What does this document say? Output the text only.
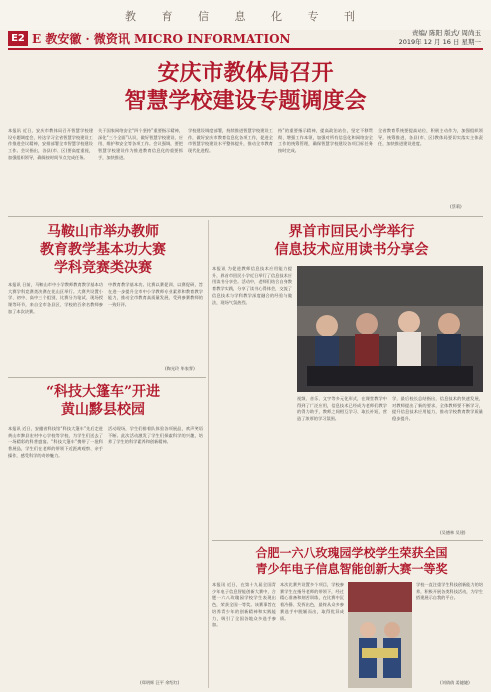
教 育 信 息 化 专 刊
E2 E 教安徽 · 微资讯 MICRO INFORMATION	责编/ 陈阳 版式/ 周尚玉
2019年 12 月 16 日 星期一
安庆市教体局召开
智慧学校建设专题调度会
本报讯 近日，安庆市教体局召开智慧学校建设专题调度会，传达学习全省智慧学校建设工作推进会议精神，安排部署全市智慧学校建设工作。会议指出，各县(市、区)要高度重视，加强组织领导，确保按时间节点完成任务。
关于国家网络安全“四个坚持”重要指示精神，深化“三个全面”认识，做好智慧学校建设、应用、维护和安全等各项工作。会议强调，要把智慧学校建设作为推进教育信息化的重要抓手，加快推进。
学校建设调度部署，持续推进智慧学校建设工作，做好安庆市教育信息化各项工作，促进全市智慧学校建设水平整体提升，推动全市教育现代化进程。
持”的重要指示精神，提高政治站位，坚定不移贯彻、增强工作本领，加强对所有信息化和网络安全工作的统筹管理，确保智慧学校建设各项目标任务按时完成。
全省教育系统要提高站位，积极主动作为，加强组织领导，统筹推进，各县(市、区)教体局要切实落实主体责任，加快推进建设进度。
(蔡莉)
马鞍山市举办教师
教育教学基本功大赛
学科竞赛类决赛
本报讯 日前，马鞍山市中小学教师教育教学基本功大赛学科竞赛类决赛在花山区举行。大赛共设置小学、初中、高中三个组别，比赛分为笔试、现场授课等环节，来自全市各县区、学校的百余名教师参加了本次决赛。
中教育教学基本功。比赛以赛促训、以赛促研，旨在进一步提升全市中小学教师专业素养和教育教学能力，推动全市教育高质量发展，受到参赛教师的一致好评。
(陶光玲 毕家霁)
“科技大篷车”开进
黄山黟县校园
本报讯 近日，安徽省科技馆“科技大篷车”先后走进黄山市黟县宏村中心学校等学校，为学生们送去了一场精彩的科普盛宴。“科技大篷车”携带了一批科普展品，学生们在老师的带领下近距离观察、亲手操作，感受科学的奇妙魅力。
活动现场，学生们排着队体验各项展品，欢声笑语不断。此次活动激发了学生们探索科学的兴趣，培养了学生的科学素养和创新精神。
(郑明辉 汪平 余绍红)
界首市回民小学举行
信息技术应用读书分享会
本报讯 为促进教师信息技术应用能力提升，界首市回民小学近日举行了信息技术应用读书分享会。活动中，老师们结合自身教育教学实践，分享了读书心得体会，交流了信息技术与学科教学深度融合的经验与做法，现场气氛热烈。
视频、音乐、文字等多元化形式，在课堂教学中得到了广泛应用，信息技术已经成为老师们教学的得力助手，教师之间相互学习、取长补短，营造了浓厚的学习氛围。
学，最后校长总结指出，信息技术的快速发展，对教师提出了新的要求，全体教师要不断学习，提升信息技术应用能力，推动学校教育教学质量稳步提升。
(吴德林 吴建)
合肥一六八玫瑰园学校学生荣获全国
青少年电子信息智能创新大赛一等奖
本报讯 近日，在第十九届全国青少年电子信息智能创新大赛中，合肥一六八玫瑰园学校学生表现出色，荣获全国一等奖。该赛事旨在培养青少年的创新精神和实践能力，吸引了全国各地众多选手参加。
本次比赛共设置多个项目，学校参赛学生在指导老师的带领下，经过精心准备和刻苦训练，在比赛中沉着冷静、发挥出色，最终从众多参赛选手中脱颖而出，取得优异成绩。
学校一直注重学生科技创新能力的培养，积极开展各类科技活动，为学生搭建展示自我的平台。
(刘倩倩 姜婕婕)
